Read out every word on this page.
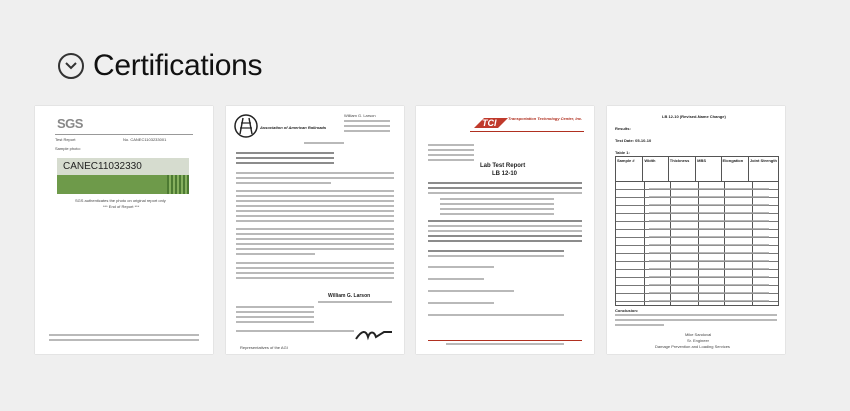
Certifications
SGS
Test Report
Sample photo:
No. CANEC1103233001
CANEC11032330
SGS authenticates the photo on original report only
*** End of Report ***
Association of American Railroads
William G. Larson
William G. Larson
Representatives of the AGI
TCI	Transportation Technology Center, Inc.
Lab Test Report
LB 12-10
LB 12-10 (Revised-Name Change)
Results:
Test Date: 05-10-10
Table 1:
Sample #	Width	Thickness	MBS	Elongation	Joint Strength
Conclusion:
Mike Sandoval
Sr. Engineer
Damage Prevention and Loading Services
